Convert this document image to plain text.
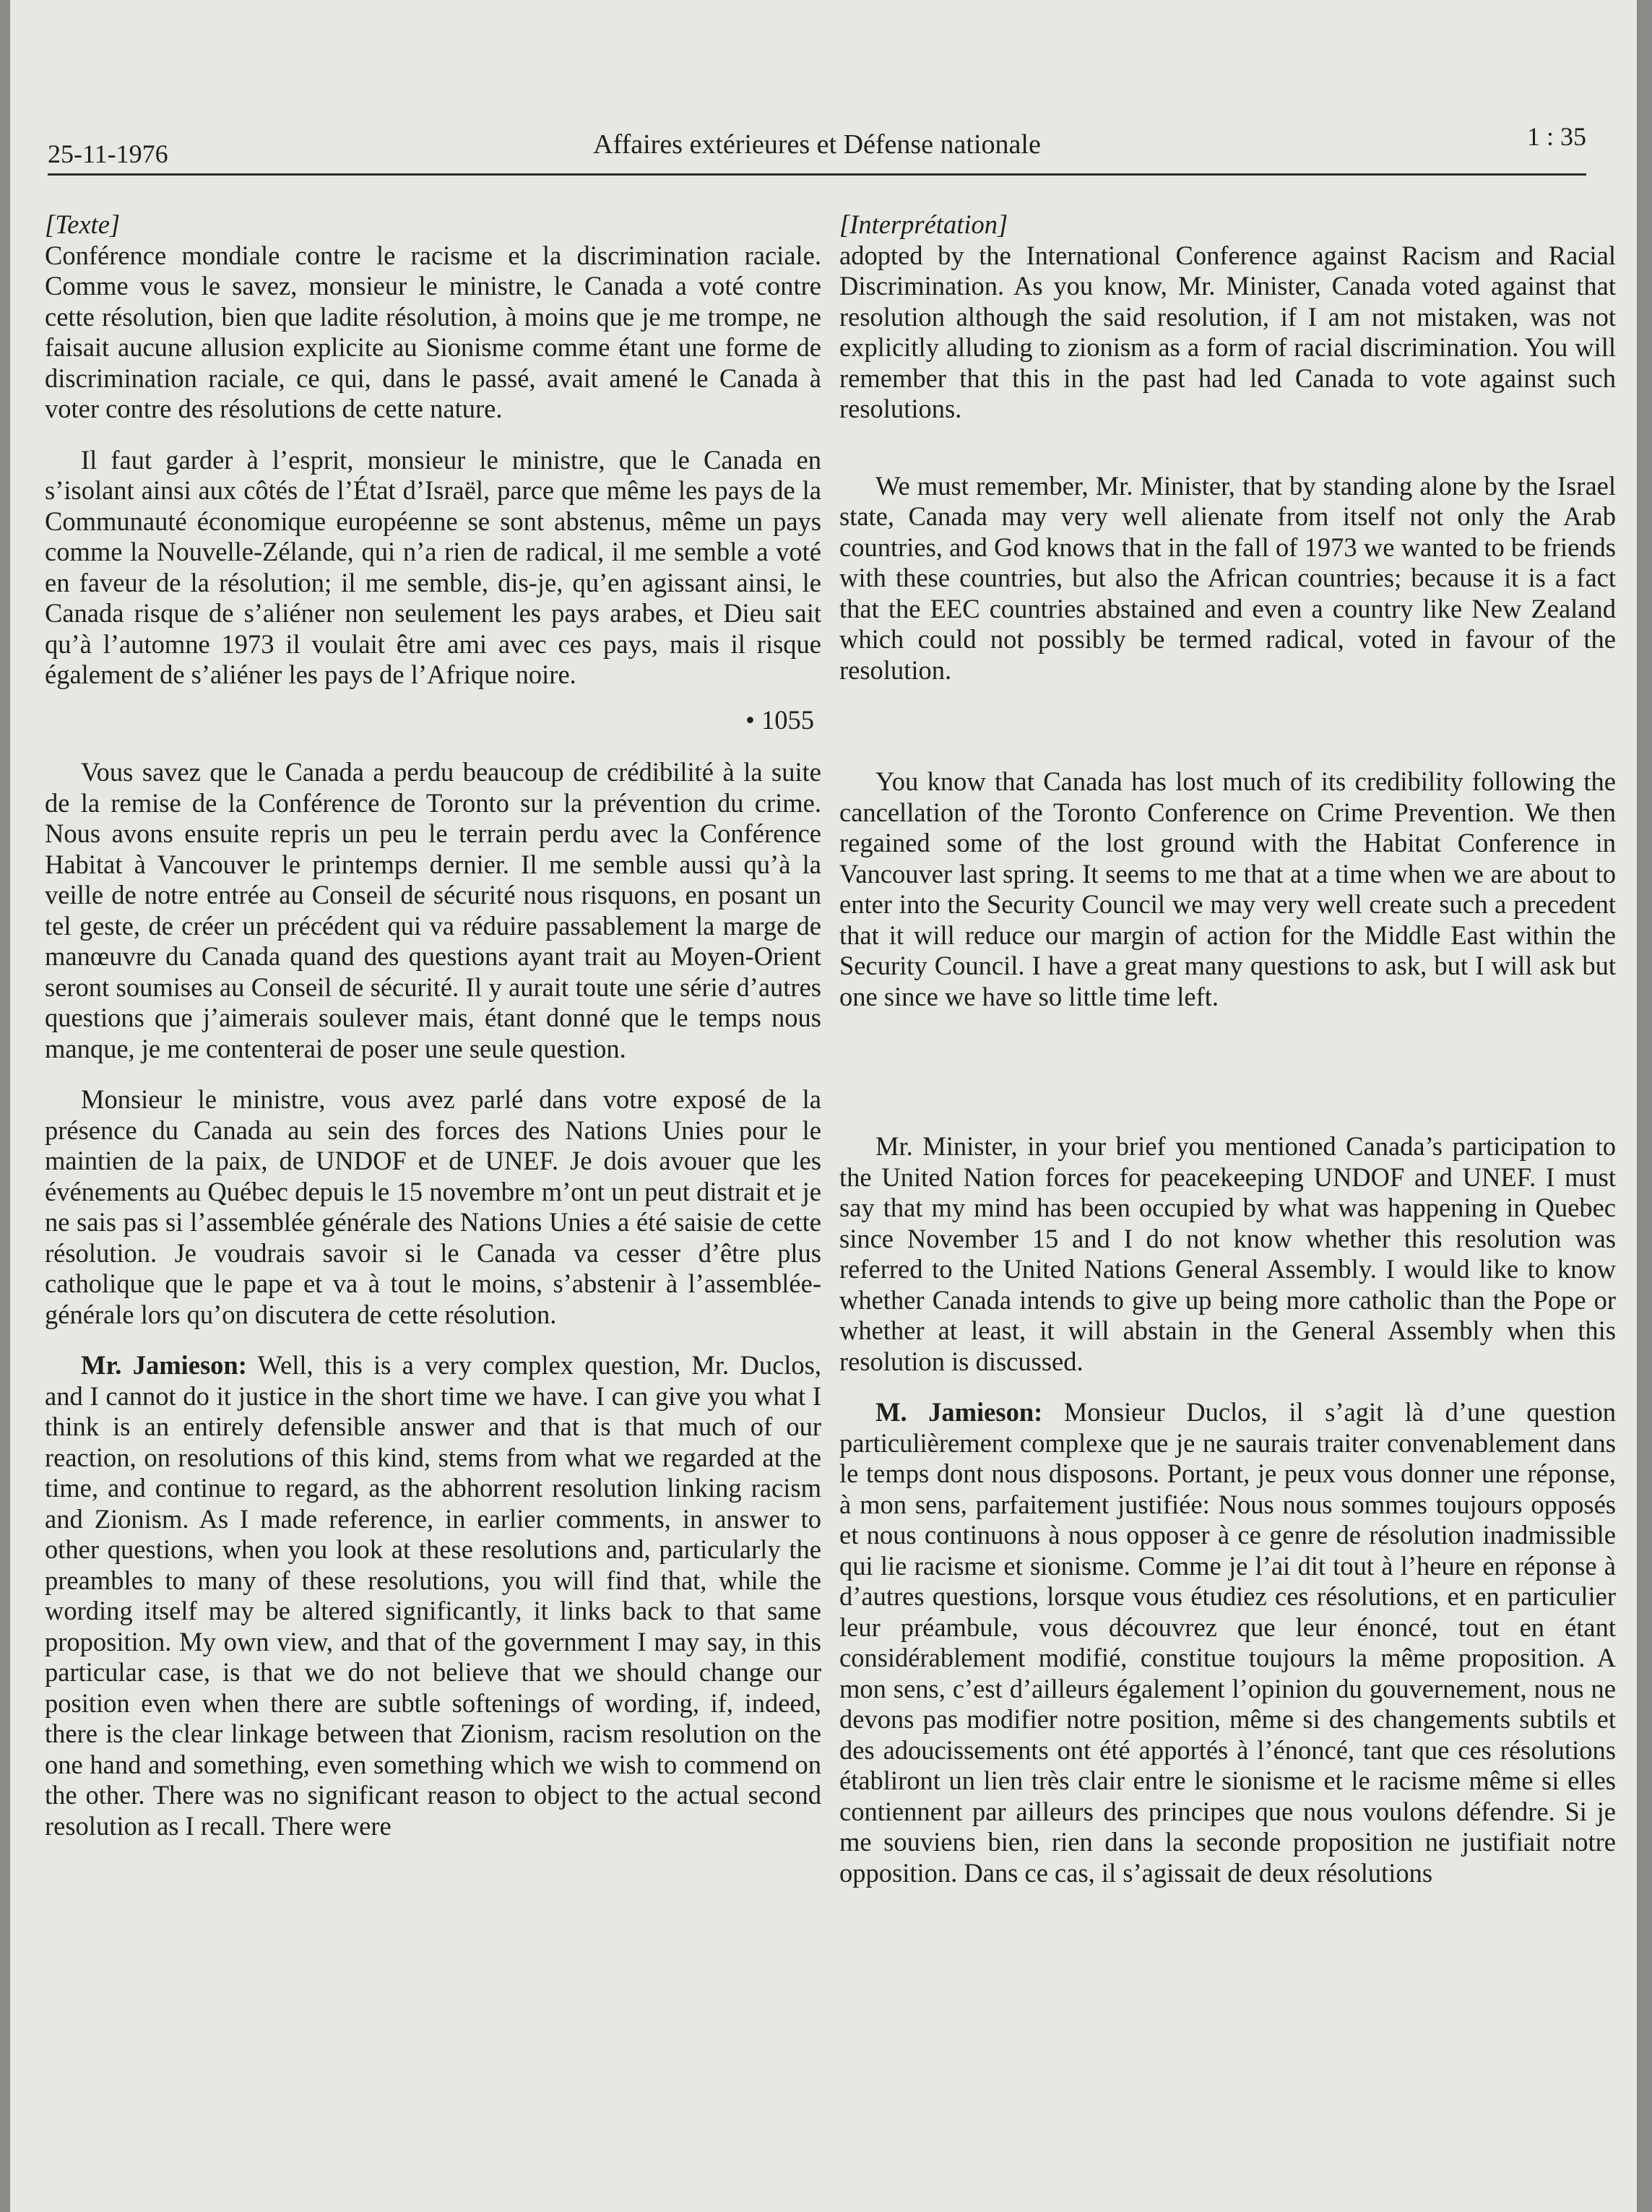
25-11-1976	Affaires extérieures et Défense nationale	1 : 35

[Texte]

Conférence mondiale contre le racisme et la discrimination raciale. Comme vous le savez, monsieur le ministre, le Canada a voté contre cette résolution, bien que ladite résolution, à moins que je me trompe, ne faisait aucune allusion explicite au Sionisme comme étant une forme de discrimination raciale, ce qui, dans le passé, avait amené le Canada à voter contre des résolutions de cette nature.

Il faut garder à l’esprit, monsieur le ministre, que le Canada en s’isolant ainsi aux côtés de l’État d’Israël, parce que même les pays de la Communauté économique européenne se sont abstenus, même un pays comme la Nouvelle-Zélande, qui n’a rien de radical, il me semble a voté en faveur de la résolution; il me semble, dis-je, qu’en agissant ainsi, le Canada risque de s’aliéner non seulement les pays arabes, et Dieu sait qu’à l’automne 1973 il voulait être ami avec ces pays, mais il risque également de s’aliéner les pays de l’Afrique noire.

• 1055

Vous savez que le Canada a perdu beaucoup de crédibilité à la suite de la remise de la Conférence de Toronto sur la prévention du crime. Nous avons ensuite repris un peu le terrain perdu avec la Conférence Habitat à Vancouver le printemps dernier. Il me semble aussi qu’à la veille de notre entrée au Conseil de sécurité nous risquons, en posant un tel geste, de créer un précédent qui va réduire passablement la marge de manœuvre du Canada quand des questions ayant trait au Moyen-Orient seront soumises au Conseil de sécurité. Il y aurait toute une série d’autres questions que j’aimerais soulever mais, étant donné que le temps nous manque, je me contenterai de poser une seule question.

Monsieur le ministre, vous avez parlé dans votre exposé de la présence du Canada au sein des forces des Nations Unies pour le maintien de la paix, de UNDOF et de UNEF. Je dois avouer que les événements au Québec depuis le 15 novembre m’ont un peut distrait et je ne sais pas si l’assemblée générale des Nations Unies a été saisie de cette résolution. Je voudrais savoir si le Canada va cesser d’être plus catholique que le pape et va à tout le moins, s’abstenir à l’assemblée-générale lors qu’on discutera de cette résolution.

Mr. Jamieson: Well, this is a very complex question, Mr. Duclos, and I cannot do it justice in the short time we have. I can give you what I think is an entirely defensible answer and that is that much of our reaction, on resolutions of this kind, stems from what we regarded at the time, and continue to regard, as the abhorrent resolution linking racism and Zionism. As I made reference, in earlier comments, in answer to other questions, when you look at these resolutions and, particularly the preambles to many of these resolutions, you will find that, while the wording itself may be altered significantly, it links back to that same proposition. My own view, and that of the government I may say, in this particular case, is that we do not believe that we should change our position even when there are subtle softenings of wording, if, indeed, there is the clear linkage between that Zionism, racism resolution on the one hand and something, even something which we wish to commend on the other. There was no significant reason to object to the actual second resolution as I recall. There were

[Interprétation]

adopted by the International Conference against Racism and Racial Discrimination. As you know, Mr. Minister, Canada voted against that resolution although the said resolution, if I am not mistaken, was not explicitly alluding to zionism as a form of racial discrimination. You will remember that this in the past had led Canada to vote against such resolutions.

We must remember, Mr. Minister, that by standing alone by the Israel state, Canada may very well alienate from itself not only the Arab countries, and God knows that in the fall of 1973 we wanted to be friends with these countries, but also the African countries; because it is a fact that the EEC countries abstained and even a country like New Zealand which could not possibly be termed radical, voted in favour of the resolution.

You know that Canada has lost much of its credibility following the cancellation of the Toronto Conference on Crime Prevention. We then regained some of the lost ground with the Habitat Conference in Vancouver last spring. It seems to me that at a time when we are about to enter into the Security Council we may very well create such a precedent that it will reduce our margin of action for the Middle East within the Security Council. I have a great many questions to ask, but I will ask but one since we have so little time left.

Mr. Minister, in your brief you mentioned Canada’s participation to the United Nation forces for peacekeeping UNDOF and UNEF. I must say that my mind has been occupied by what was happening in Quebec since November 15 and I do not know whether this resolution was referred to the United Nations General Assembly. I would like to know whether Canada intends to give up being more catholic than the Pope or whether at least, it will abstain in the General Assembly when this resolution is discussed.

M. Jamieson: Monsieur Duclos, il s’agit là d’une question particulièrement complexe que je ne saurais traiter convenablement dans le temps dont nous disposons. Portant, je peux vous donner une réponse, à mon sens, parfaitement justifiée: Nous nous sommes toujours opposés et nous continuons à nous opposer à ce genre de résolution inadmissible qui lie racisme et sionisme. Comme je l’ai dit tout à l’heure en réponse à d’autres questions, lorsque vous étudiez ces résolutions, et en particulier leur préambule, vous découvrez que leur énoncé, tout en étant considérablement modifié, constitue toujours la même proposition. A mon sens, c’est d’ailleurs également l’opinion du gouvernement, nous ne devons pas modifier notre position, même si des changements subtils et des adoucissements ont été apportés à l’énoncé, tant que ces résolutions établiront un lien très clair entre le sionisme et le racisme même si elles contiennent par ailleurs des principes que nous voulons défendre. Si je me souviens bien, rien dans la seconde proposition ne justifiait notre opposition. Dans ce cas, il s’agissait de deux résolutions
